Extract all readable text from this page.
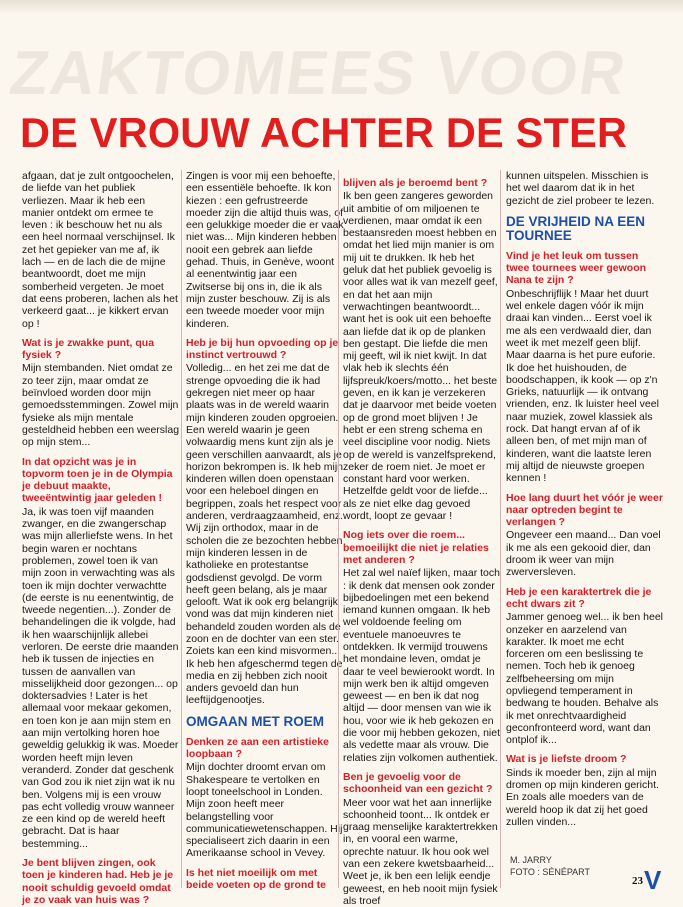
ZAKTOMEES VOOR
DE VROUW ACHTER DE STER

afgaan, dat je zult ontgoochelen, de liefde van het publiek verliezen. Maar ik heb een manier ontdekt om ermee te leven : ik beschouw het nu als een heel normaal verschijnsel. Ik zet het gepieker van me af, ik lach — en de lach die de mijne beantwoordt, doet me mijn somberheid vergeten. Je moet dat eens proberen, lachen als het verkeerd gaat... je kikkert ervan op !

Wat is je zwakke punt, qua fysiek ?

Mijn stembanden. Niet omdat ze zo teer zijn, maar omdat ze beïnvloed worden door mijn gemoedsstemmingen. Zowel mijn fysieke als mijn mentale gesteldheid hebben een weerslag op mijn stem...

In dat opzicht was je in topvorm toen je in de Olympia je debuut maakte, tweeëntwintig jaar geleden !

Ja, ik was toen vijf maanden zwanger, en die zwangerschap was mijn allerliefste wens. In het begin waren er nochtans problemen, zowel toen ik van mijn zoon in verwachting was als toen ik mijn dochter verwachtte (de eerste is nu eenentwintig, de tweede negentien...). Zonder de behandelingen die ik volgde, had ik hen waarschijnlijk allebei verloren. De eerste drie maanden heb ik tussen de injecties en tussen de aanvallen van misselijkheid door gezongen... op doktersadvies ! Later is het allemaal voor mekaar gekomen, en toen kon je aan mijn stem en aan mijn vertolking horen hoe geweldig gelukkig ik was. Moeder worden heeft mijn leven veranderd. Zonder dat geschenk van God zou ik niet zijn wat ik nu ben. Volgens mij is een vrouw pas echt volledig vrouw wanneer ze een kind op de wereld heeft gebracht. Dat is haar bestemming...

Je bent blijven zingen, ook toen je kinderen had. Heb je je nooit schuldig gevoeld omdat je zo vaak van huis was ?

Zingen is voor mij een behoefte, een essentiële behoefte. Ik kon kiezen : een gefrustreerde moeder zijn die altijd thuis was, of een gelukkige moeder die er vaak niet was... Mijn kinderen hebben nooit een gebrek aan liefde gehad. Thuis, in Genève, woont al eenentwintig jaar een Zwitserse bij ons in, die ik als mijn zuster beschouw. Zij is als een tweede moeder voor mijn kinderen.

Heb je bij hun opvoeding op je instinct vertrouwd ?

Volledig... en het zei me dat de strenge opvoeding die ik had gekregen niet meer op haar plaats was in de wereld waarin mijn kinderen zouden opgroeien. Een wereld waarin je geen volwaardig mens kunt zijn als je geen verschillen aanvaardt, als je horizon bekrompen is. Ik heb mijn kinderen willen doen openstaan voor een heleboel dingen en begrippen, zoals het respect voor anderen, verdraagzaamheid, enz. Wij zijn orthodox, maar in de scholen die ze bezochten hebben mijn kinderen lessen in de katholieke en protestantse godsdienst gevolgd. De vorm heeft geen belang, als je maar gelooft. Wat ik ook erg belangrijk vond was dat mijn kinderen niet behandeld zouden worden als de zoon en de dochter van een ster. Zoiets kan een kind misvormen... Ik heb hen afgeschermd tegen de media en zij hebben zich nooit anders gevoeld dan hun leeftijdgenootjes.

OMGAAN MET ROEM

Denken ze aan een artistieke loopbaan ?

Mijn dochter droomt ervan om Shakespeare te vertolken en loopt toneelschool in Londen. Mijn zoon heeft meer belangstelling voor communicatiewetenschappen. Hij specialiseert zich daarin in een Amerikaanse school in Vevey.

Is het niet moeilijk om met beide voeten op de grond te

blijven als je beroemd bent ?

Ik ben geen zangeres geworden uit ambitie of om miljoenen te verdienen, maar omdat ik een bestaansreden moest hebben en omdat het lied mijn manier is om mij uit te drukken. Ik heb het geluk dat het publiek gevoelig is voor alles wat ik van mezelf geef, en dat het aan mijn verwachtingen beantwoordt... want het is ook uit een behoefte aan liefde dat ik op de planken ben gestapt. Die liefde die men mij geeft, wil ik niet kwijt. In dat vlak heb ik slechts één lijfspreuk/koers/motto... het beste geven, en ik kan je verzekeren dat je daarvoor met beide voeten op de grond moet blijven ! Je hebt er een streng schema en veel discipline voor nodig. Niets op de wereld is vanzelfsprekend, zeker de roem niet. Je moet er constant hard voor werken. Hetzelfde geldt voor de liefde... als ze niet elke dag gevoed wordt, loopt ze gevaar !

Nog iets over die roem... bemoeilijkt die niet je relaties met anderen ?

Het zal wel naïef lijken, maar toch : ik denk dat mensen ook zonder bijbedoelingen met een bekend iemand kunnen omgaan. Ik heb wel voldoende feeling om eventuele manoeuvres te ontdekken. Ik vermijd trouwens het mondaine leven, omdat je daar te veel bewierookt wordt. In mijn werk ben ik altijd omgeven geweest — en ben ik dat nog altijd — door mensen van wie ik hou, voor wie ik heb gekozen en die voor mij hebben gekozen, niet als vedette maar als vrouw. Die relaties zijn volkomen authentiek.

Ben je gevoelig voor de schoonheid van een gezicht ?

Meer voor wat het aan innerlijke schoonheid toont... Ik ontdek er graag menselijke karaktertrekken in, en vooral een warme, oprechte natuur. Ik hou ook wel van een zekere kwetsbaarheid... Weet je, ik ben een lelijk eendje geweest, en heb nooit mijn fysiek als troef

kunnen uitspelen. Misschien is het wel daarom dat ik in het gezicht de ziel probeer te lezen.

DE VRIJHEID NA EEN TOURNEE

Vind je het leuk om tussen twee tournees weer gewoon Nana te zijn ?

Onbeschrijflijk ! Maar het duurt wel enkele dagen vóór ik mijn draai kan vinden... Eerst voel ik me als een verdwaald dier, dan weet ik met mezelf geen blijf. Maar daarna is het pure euforie. Ik doe het huishouden, de boodschappen, ik kook — op z'n Grieks, natuurlijk — ik ontvang vrienden, enz. Ik luister heel veel naar muziek, zowel klassiek als rock. Dat hangt ervan af of ik alleen ben, of met mijn man of kinderen, want die laatste leren mij altijd de nieuwste groepen kennen !

Hoe lang duurt het vóór je weer naar optreden begint te verlangen ?

Ongeveer een maand... Dan voel ik me als een gekooid dier, dan droom ik weer van mijn zwerversleven.

Heb je een karaktertrek die je echt dwars zit ?

Jammer genoeg wel... ik ben heel onzeker en aarzelend van karakter. Ik moet me echt forceren om een beslissing te nemen. Toch heb ik genoeg zelfbeheersing om mijn opvliegend temperament in bedwang te houden. Behalve als ik met onrechtvaardigheid geconfronteerd word, want dan ontplof ik...

Wat is je liefste droom ?

Sinds ik moeder ben, zijn al mijn dromen op mijn kinderen gericht. En zoals alle moeders van de wereld hoop ik dat zij het goed zullen vinden...

M. JARRY
FOTO : SÉNÉPART
23 V
